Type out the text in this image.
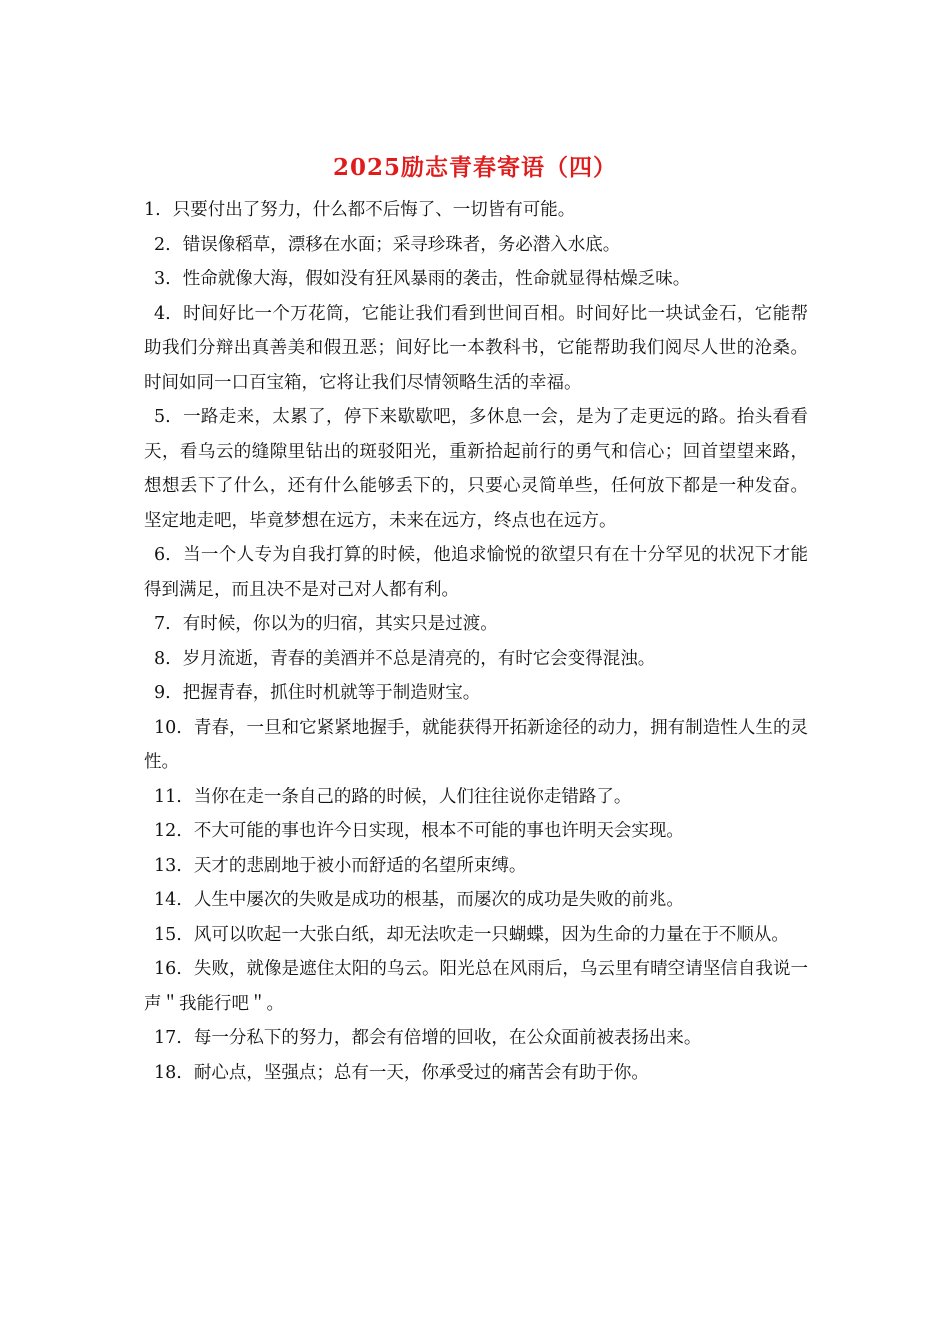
2025励志青春寄语（四）

1. 只要付出了努力，什么都不后悔了、一切皆有可能。

2. 错误像稻草，漂移在水面；采寻珍珠者，务必潜入水底。

3. 性命就像大海，假如没有狂风暴雨的袭击，性命就显得枯燥乏味。

4. 时间好比一个万花筒，它能让我们看到世间百相。时间好比一块试金石，它能帮助我们分辩出真善美和假丑恶；间好比一本教科书，它能帮助我们阅尽人世的沧桑。时间如同一口百宝箱，它将让我们尽情领略生活的幸福。

5. 一路走来，太累了，停下来歇歇吧，多休息一会，是为了走更远的路。抬头看看天，看乌云的缝隙里钻出的斑驳阳光，重新拾起前行的勇气和信心；回首望望来路，想想丢下了什么，还有什么能够丢下的，只要心灵简单些，任何放下都是一种发奋。坚定地走吧，毕竟梦想在远方，未来在远方，终点也在远方。

6. 当一个人专为自我打算的时候，他追求愉悦的欲望只有在十分罕见的状况下才能得到满足，而且决不是对己对人都有利。

7. 有时候，你以为的归宿，其实只是过渡。

8. 岁月流逝，青春的美酒并不总是清亮的，有时它会变得混浊。

9. 把握青春，抓住时机就等于制造财宝。

10. 青春，一旦和它紧紧地握手，就能获得开拓新途径的动力，拥有制造性人生的灵性。

11. 当你在走一条自己的路的时候，人们往往说你走错路了。

12. 不大可能的事也许今日实现，根本不可能的事也许明天会实现。

13. 天才的悲剧地于被小而舒适的名望所束缚。

14. 人生中屡次的失败是成功的根基，而屡次的成功是失败的前兆。

15. 风可以吹起一大张白纸，却无法吹走一只蝴蝶，因为生命的力量在于不顺从。

16. 失败，就像是遮住太阳的乌云。阳光总在风雨后，乌云里有晴空请坚信自我说一声＂我能行吧＂。

17. 每一分私下的努力，都会有倍增的回收，在公众面前被表扬出来。

18. 耐心点，坚强点；总有一天，你承受过的痛苦会有助于你。
